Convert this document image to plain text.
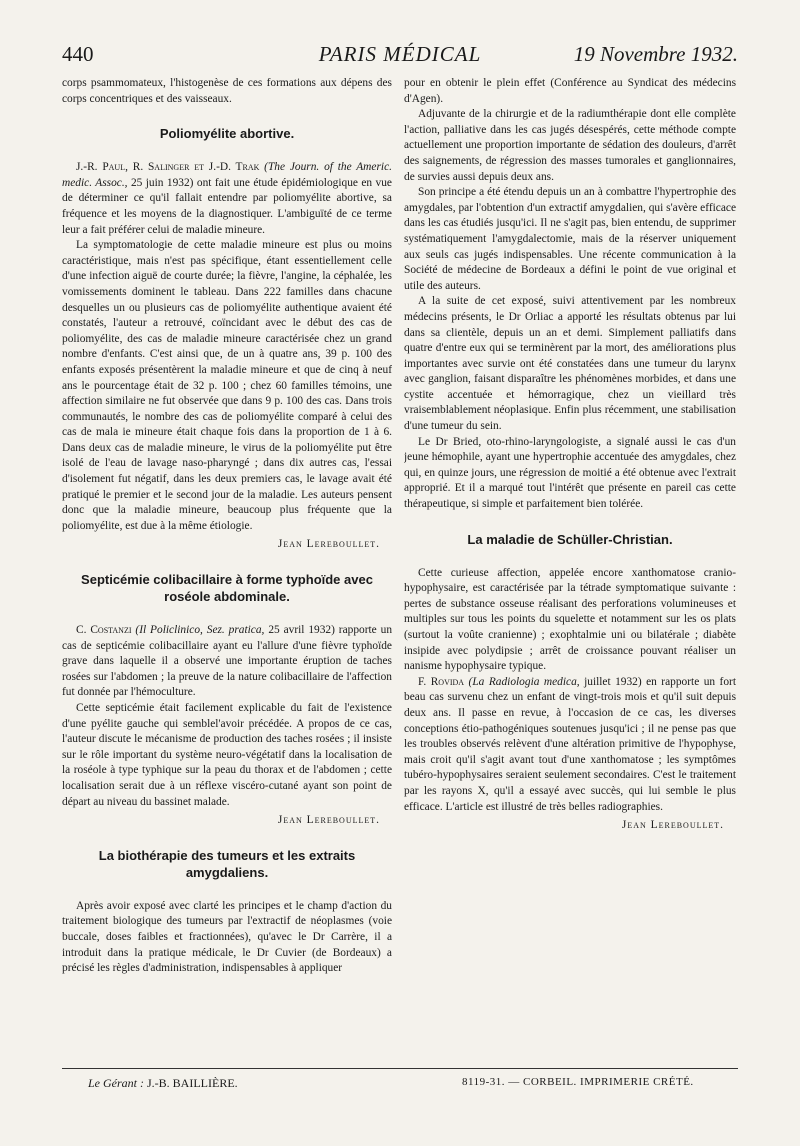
440	PARIS MÉDICAL	19 Novembre 1932.

corps psammomateux, l'histogenèse de ces formations aux dépens des corps concentriques et des vaisseaux.

Poliomyélite abortive.

J.-R. Paul, R. Salinger et J.-D. Trak (The Journ. of the Americ. medic. Assoc., 25 juin 1932) ont fait une étude épidémiologique en vue de déterminer ce qu'il fallait entendre par poliomyélite abortive, sa fréquence et les moyens de la diagnostiquer. L'ambiguïté de ce terme leur a fait préférer celui de maladie mineure.

La symptomatologie de cette maladie mineure est plus ou moins caractéristique, mais n'est pas spécifique, étant essentiellement celle d'une infection aiguë de courte durée; la fièvre, l'angine, la céphalée, les vomissements dominent le tableau. Dans 222 familles dans chacune desquelles un ou plusieurs cas de poliomyélite authentique avaient été constatés, l'auteur a retrouvé, coïncidant avec le début des cas de poliomyélite, des cas de maladie mineure caractérisée chez un grand nombre d'enfants. C'est ainsi que, de un à quatre ans, 39 p. 100 des enfants exposés présentèrent la maladie mineure et que de cinq à neuf ans le pourcentage était de 32 p. 100 ; chez 60 familles témoins, une affection similaire ne fut observée que dans 9 p. 100 des cas. Dans trois communautés, le nombre des cas de poliomyélite comparé à celui des cas de mala ie mineure était chaque fois dans la proportion de 1 à 6. Dans deux cas de maladie mineure, le virus de la poliomyélite put être isolé de l'eau de lavage naso-pharyngé ; dans dix autres cas, l'essai d'isolement fut négatif, dans les deux premiers cas, le lavage avait été pratiqué le premier et le second jour de la maladie. Les auteurs pensent donc que la maladie mineure, beaucoup plus fréquente que la poliomyélite, est due à la même étiologie.

Jean Lereboullet.
Septicémie colibacillaire à forme typhoïde avec roséole abdominale.

C. Costanzi (Il Policlinico, Sez. pratica, 25 avril 1932) rapporte un cas de septicémie colibacillaire ayant eu l'allure d'une fièvre typhoïde grave dans laquelle il a observé une importante éruption de taches rosées sur l'abdomen ; la preuve de la nature colibacillaire de l'affection fut donnée par l'hémoculture.

Cette septicémie était facilement explicable du fait de l'existence d'une pyélite gauche qui semblel'avoir précédée. A propos de ce cas, l'auteur discute le mécanisme de production des taches rosées ; il insiste sur le rôle important du système neuro-végétatif dans la localisation de la roséole à type typhique sur la peau du thorax et de l'abdomen ; cette localisation serait due à un réflexe viscéro-cutané ayant son point de départ au niveau du bassinet malade.

Jean Lereboullet.
La biothérapie des tumeurs et les extraits amygdaliens.

Après avoir exposé avec clarté les principes et le champ d'action du traitement biologique des tumeurs par l'extractif de néoplasmes (voie buccale, doses faibles et fractionnées), qu'avec le Dr Carrère, il a introduit dans la pratique médicale, le Dr Cuvier (de Bordeaux) a précisé les règles d'administration, indispensables à appliquer

pour en obtenir le plein effet (Conférence au Syndicat des médecins d'Agen).

Adjuvante de la chirurgie et de la radiumthérapie dont elle complète l'action, palliative dans les cas jugés désespérés, cette méthode compte actuellement une proportion importante de sédation des douleurs, d'arrêt des saignements, de régression des masses tumorales et ganglionnaires, de survies aussi depuis deux ans.

Son principe a été étendu depuis un an à combattre l'hypertrophie des amygdales, par l'obtention d'un extractif amygdalien, qui s'avère efficace dans les cas étudiés jusqu'ici. Il ne s'agit pas, bien entendu, de supprimer systématiquement l'amygdalectomie, mais de la réserver uniquement aux seuls cas jugés indispensables. Une récente communication à la Société de médecine de Bordeaux a défini le point de vue original et utile des auteurs.

A la suite de cet exposé, suivi attentivement par les nombreux médecins présents, le Dr Orliac a apporté les résultats obtenus par lui dans sa clientèle, depuis un an et demi. Simplement palliatifs dans quatre d'entre eux qui se terminèrent par la mort, des améliorations plus importantes avec survie ont été constatées dans une tumeur du larynx avec ganglion, faisant disparaître les phénomènes morbides, et dans une cystite accentuée et hémorragique, chez un vieillard très vraisemblablement néoplasique. Enfin plus récemment, une stabilisation d'une tumeur du sein.

Le Dr Bried, oto-rhino-laryngologiste, a signalé aussi le cas d'un jeune hémophile, ayant une hypertrophie accentuée des amygdales, chez qui, en quinze jours, une régression de moitié a été obtenue avec l'extrait approprié. Et il a marqué tout l'intérêt que présente en pareil cas cette thérapeutique, si simple et parfaitement bien tolérée.

La maladie de Schüller-Christian.

Cette curieuse affection, appelée encore xanthomatose cranio-hypophysaire, est caractérisée par la tétrade symptomatique suivante : pertes de substance osseuse réalisant des perforations volumineuses et multiples sur tous les points du squelette et notamment sur les os plats (surtout la voûte cranienne) ; exophtalmie uni ou bilatérale ; diabète insipide avec polydipsie ; arrêt de croissance pouvant réaliser un nanisme hypophysaire typique.

F. Rovida (La Radiologia medica, juillet 1932) en rapporte un fort beau cas survenu chez un enfant de vingt-trois mois et qu'il suit depuis deux ans. Il passe en revue, à l'occasion de ce cas, les diverses conceptions étio-pathogéniques soutenues jusqu'ici ; il ne pense pas que les troubles observés relèvent d'une altération primitive de l'hypophyse, mais croit qu'il s'agit avant tout d'une xanthomatose ; les symptômes tubéro-hypophysaires seraient seulement secondaires. C'est le traitement par les rayons X, qu'il a essayé avec succès, qui lui semble le plus efficace. L'article est illustré de très belles radiographies.

Jean Lereboullet.
Le Gérant : J.-B. BAILLIÈRE.	8119-31. — CORBEIL. IMPRIMERIE CRÉTÉ.
